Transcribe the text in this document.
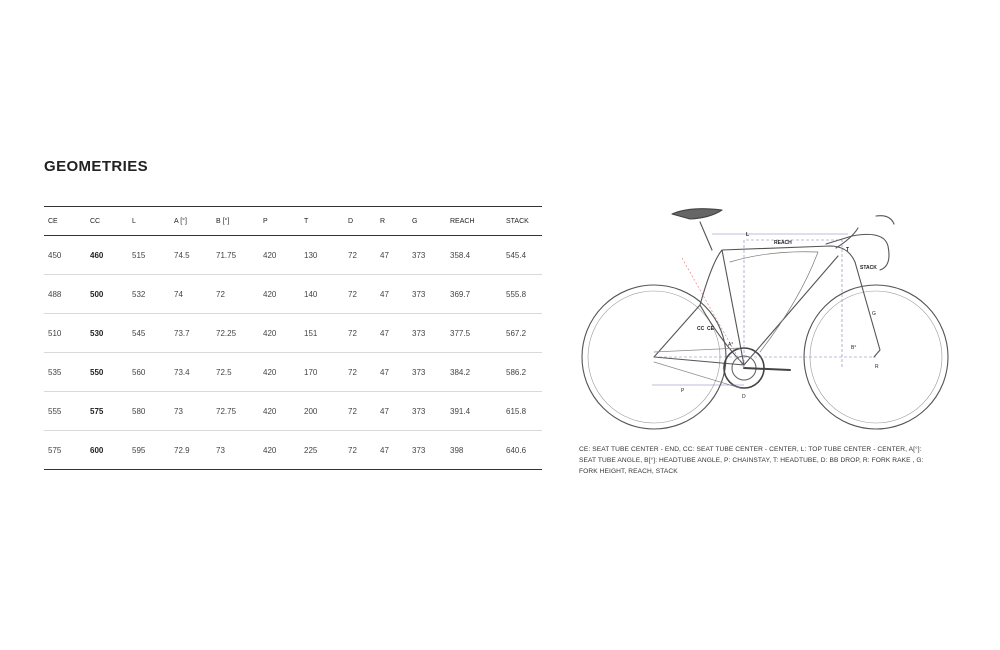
GEOMETRIES
CE	CC	L	A [°]	B [°]	P	T	D	R	G	REACH	STACK
450	460	515	74.5	71.75	420	130	72	47	373	358.4	545.4
488	500	532	74	72	420	140	72	47	373	369.7	555.8
510	530	545	73.7	72.25	420	151	72	47	373	377.5	567.2
535	550	560	73.4	72.5	420	170	72	47	373	384.2	586.2
555	575	580	73	72.75	420	200	72	47	373	391.4	615.8
575	600	595	72.9	73	420	225	72	47	373	398	640.6
L
REACH
STACK
T
G
B°
R
D
A°
P
CC CE
CE: SEAT TUBE CENTER - END, CC: SEAT TUBE CENTER - CENTER, L: TOP TUBE CENTER - CENTER, A[°]: SEAT TUBE ANGLE, B[°]: HEADTUBE ANGLE, P: CHAINSTAY, T: HEADTUBE, D: BB DROP, R: FORK RAKE , G: FORK HEIGHT, REACH, STACK
